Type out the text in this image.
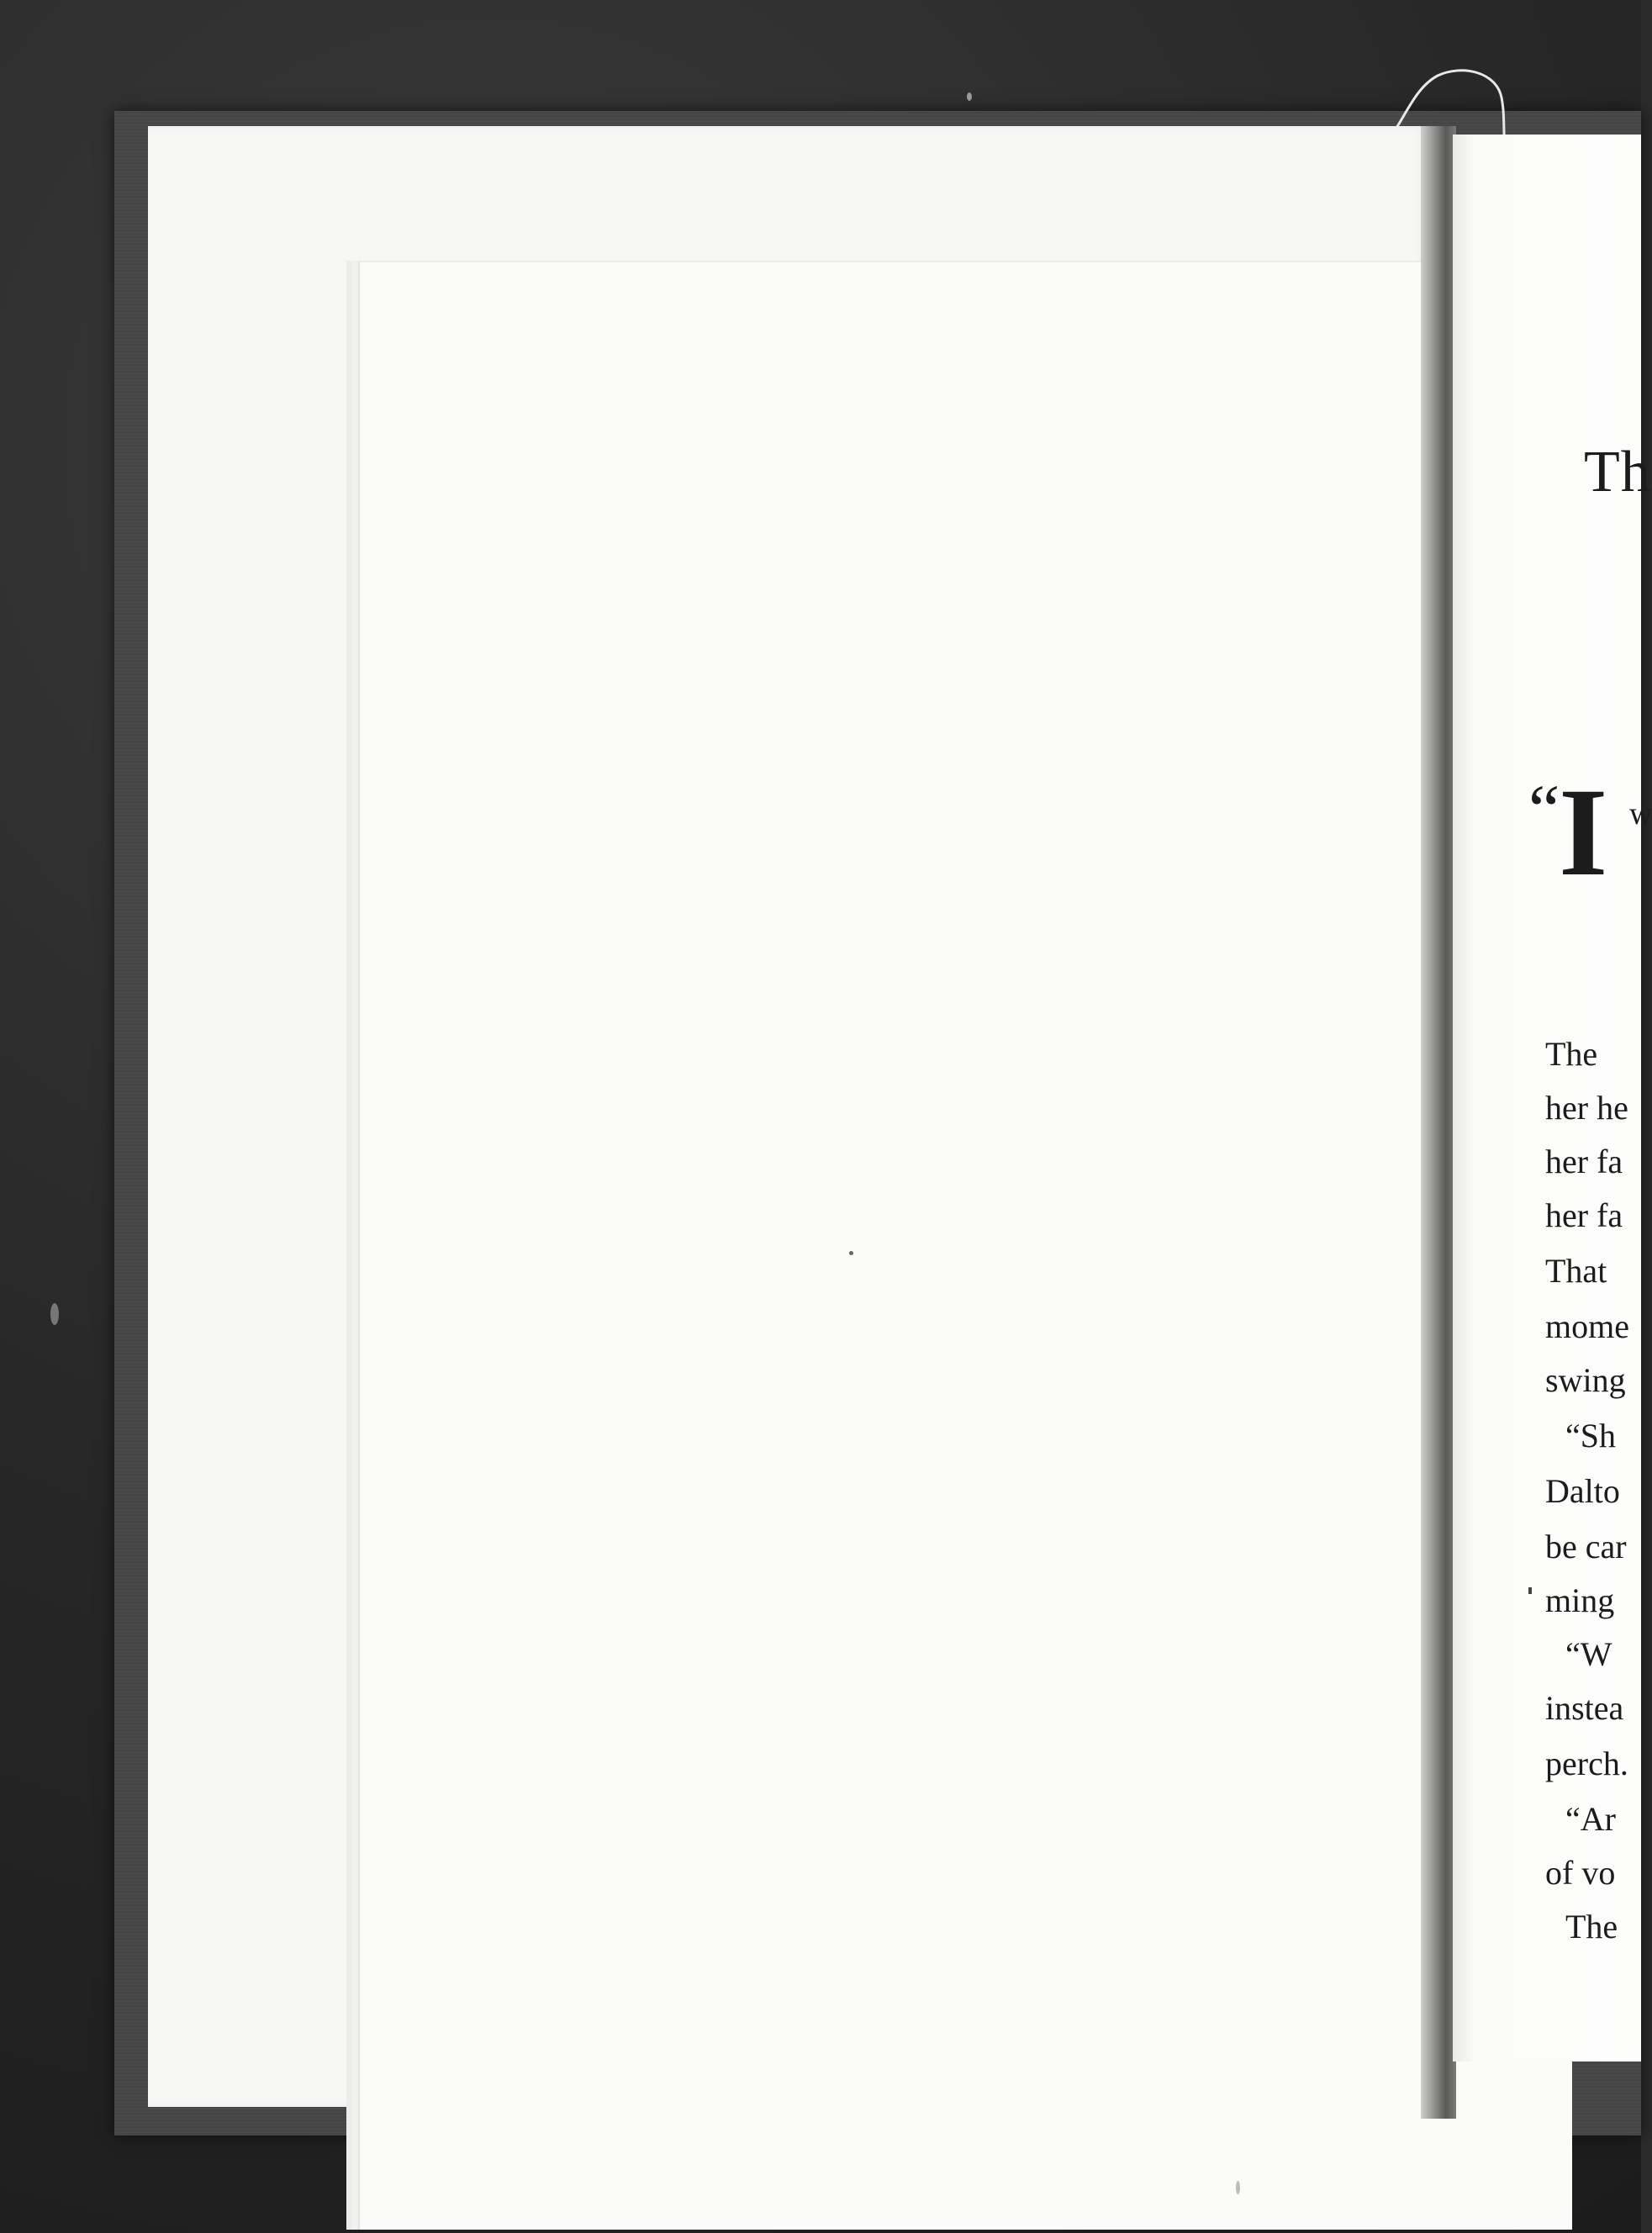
Th
“
I w
The
her he
her fa
her fa
That
mome
swing
“Sh
Dalto
be car
ming
“W
instea
perch.
“Ar
of vo
The
